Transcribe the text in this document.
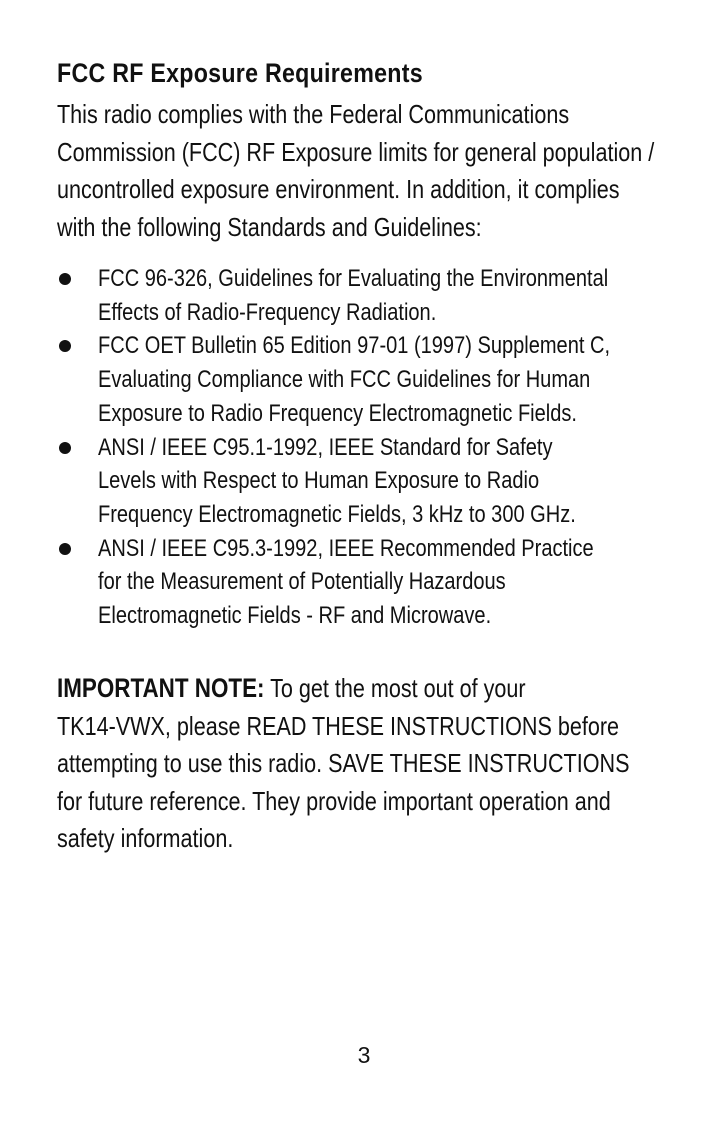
FCC RF Exposure Requirements

This radio complies with the Federal Communications
Commission (FCC) RF Exposure limits for general population /
uncontrolled exposure environment. In addition, it complies
with the following Standards and Guidelines:

FCC 96-326, Guidelines for Evaluating the Environmental
Effects of Radio-Frequency Radiation.
FCC OET Bulletin 65 Edition 97-01 (1997) Supplement C,
Evaluating Compliance with FCC Guidelines for Human
Exposure to Radio Frequency Electromagnetic Fields.
ANSI / IEEE C95.1-1992, IEEE Standard for Safety
Levels with Respect to Human Exposure to Radio
Frequency Electromagnetic Fields, 3 kHz to 300 GHz.
ANSI / IEEE C95.3-1992, IEEE Recommended Practice
for the Measurement of Potentially Hazardous
Electromagnetic Fields - RF and Microwave.

IMPORTANT NOTE: To get the most out of your
TK14-VWX, please READ THESE INSTRUCTIONS before
attempting to use this radio. SAVE THESE INSTRUCTIONS
for future reference. They provide important operation and
safety information.

3
